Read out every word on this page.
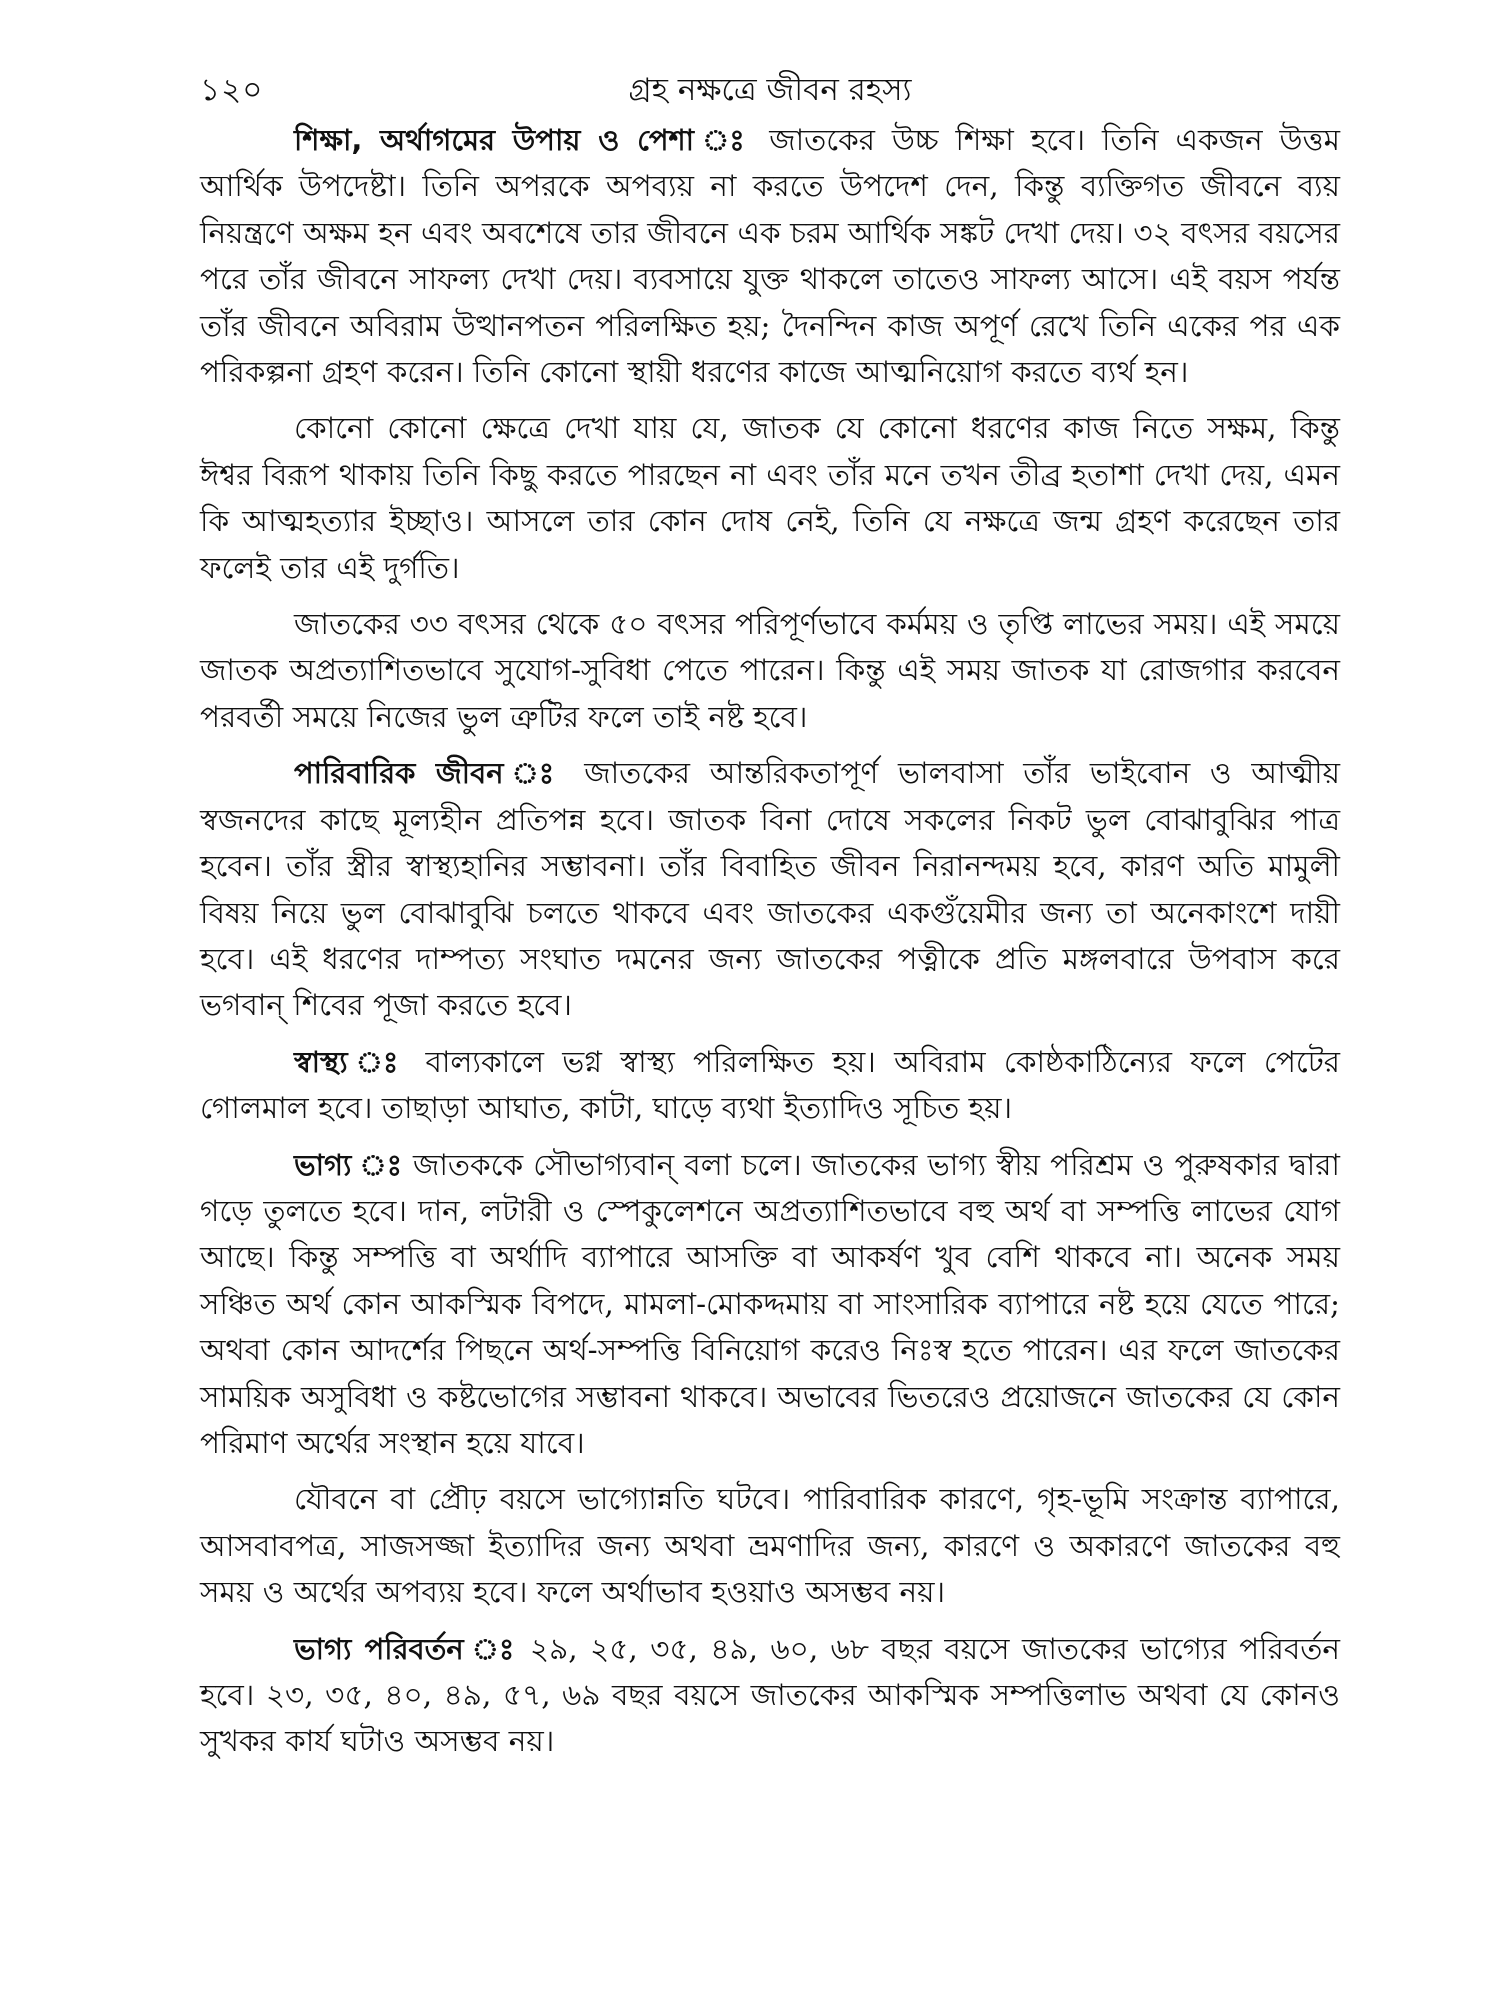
১২০	গ্রহ নক্ষত্রে জীবন রহস্য

শিক্ষা, অর্থাগমের উপায় ও পেশা ঃ জাতকের উচ্চ শিক্ষা হবে। তিনি একজন উত্তম আর্থিক উপদেষ্টা। তিনি অপরকে অপব্যয় না করতে উপদেশ দেন, কিন্তু ব্যক্তিগত জীবনে ব্যয় নিয়ন্ত্রণে অক্ষম হন এবং অবশেষে তার জীবনে এক চরম আর্থিক সঙ্কট দেখা দেয়। ৩২ বৎসর বয়সের পরে তাঁর জীবনে সাফল্য দেখা দেয়। ব্যবসায়ে যুক্ত থাকলে তাতেও সাফল্য আসে। এই বয়স পর্যন্ত তাঁর জীবনে অবিরাম উত্থানপতন পরিলক্ষিত হয়; দৈনন্দিন কাজ অপূর্ণ রেখে তিনি একের পর এক পরিকল্পনা গ্রহণ করেন। তিনি কোনো স্থায়ী ধরণের কাজে আত্মনিয়োগ করতে ব্যর্থ হন।

কোনো কোনো ক্ষেত্রে দেখা যায় যে, জাতক যে কোনো ধরণের কাজ নিতে সক্ষম, কিন্তু ঈশ্বর বিরূপ থাকায় তিনি কিছু করতে পারছেন না এবং তাঁর মনে তখন তীব্র হতাশা দেখা দেয়, এমন কি আত্মহত্যার ইচ্ছাও। আসলে তার কোন দোষ নেই, তিনি যে নক্ষত্রে জন্ম গ্রহণ করেছেন তার ফলেই তার এই দুর্গতি।

জাতকের ৩৩ বৎসর থেকে ৫০ বৎসর পরিপূর্ণভাবে কর্মময় ও তৃপ্তি লাভের সময়। এই সময়ে জাতক অপ্রত্যাশিতভাবে সুযোগ-সুবিধা পেতে পারেন। কিন্তু এই সময় জাতক যা রোজগার করবেন পরবর্তী সময়ে নিজের ভুল ত্রুটির ফলে তাই নষ্ট হবে।

পারিবারিক জীবন ঃ জাতকের আন্তরিকতাপূর্ণ ভালবাসা তাঁর ভাইবোন ও আত্মীয় স্বজনদের কাছে মূল্যহীন প্রতিপন্ন হবে। জাতক বিনা দোষে সকলের নিকট ভুল বোঝাবুঝির পাত্র হবেন। তাঁর স্ত্রীর স্বাস্থ্যহানির সম্ভাবনা। তাঁর বিবাহিত জীবন নিরানন্দময় হবে, কারণ অতি মামুলী বিষয় নিয়ে ভুল বোঝাবুঝি চলতে থাকবে এবং জাতকের একগুঁয়েমীর জন্য তা অনেকাংশে দায়ী হবে। এই ধরণের দাম্পত্য সংঘাত দমনের জন্য জাতকের পত্নীকে প্রতি মঙ্গলবারে উপবাস করে ভগবান্ শিবের পূজা করতে হবে।

স্বাস্থ্য ঃ বাল্যকালে ভগ্ন স্বাস্থ্য পরিলক্ষিত হয়। অবিরাম কোষ্ঠকাঠিন্যের ফলে পেটের গোলমাল হবে। তাছাড়া আঘাত, কাটা, ঘাড়ে ব্যথা ইত্যাদিও সূচিত হয়।

ভাগ্য ঃ জাতককে সৌভাগ্যবান্ বলা চলে। জাতকের ভাগ্য স্বীয় পরিশ্রম ও পুরুষকার দ্বারা গড়ে তুলতে হবে। দান, লটারী ও স্পেকুলেশনে অপ্রত্যাশিতভাবে বহু অর্থ বা সম্পত্তি লাভের যোগ আছে। কিন্তু সম্পত্তি বা অর্থাদি ব্যাপারে আসক্তি বা আকর্ষণ খুব বেশি থাকবে না। অনেক সময় সঞ্চিত অর্থ কোন আকস্মিক বিপদে, মামলা-মোকদ্দমায় বা সাংসারিক ব্যাপারে নষ্ট হয়ে যেতে পারে; অথবা কোন আদর্শের পিছনে অর্থ-সম্পত্তি বিনিয়োগ করেও নিঃস্ব হতে পারেন। এর ফলে জাতকের সাময়িক অসুবিধা ও কষ্টভোগের সম্ভাবনা থাকবে। অভাবের ভিতরেও প্রয়োজনে জাতকের যে কোন পরিমাণ অর্থের সংস্থান হয়ে যাবে।

যৌবনে বা প্রৌঢ় বয়সে ভাগ্যোন্নতি ঘটবে। পারিবারিক কারণে, গৃহ-ভূমি সংক্রান্ত ব্যাপারে, আসবাবপত্র, সাজসজ্জা ইত্যাদির জন্য অথবা ভ্রমণাদির জন্য, কারণে ও অকারণে জাতকের বহু সময় ও অর্থের অপব্যয় হবে। ফলে অর্থাভাব হওয়াও অসম্ভব নয়।

ভাগ্য পরিবর্তন ঃ ২৯, ২৫, ৩৫, ৪৯, ৬০, ৬৮ বছর বয়সে জাতকের ভাগ্যের পরিবর্তন হবে। ২৩, ৩৫, ৪০, ৪৯, ৫৭, ৬৯ বছর বয়সে জাতকের আকস্মিক সম্পত্তিলাভ অথবা যে কোনও সুখকর কার্য ঘটাও অসম্ভব নয়।
